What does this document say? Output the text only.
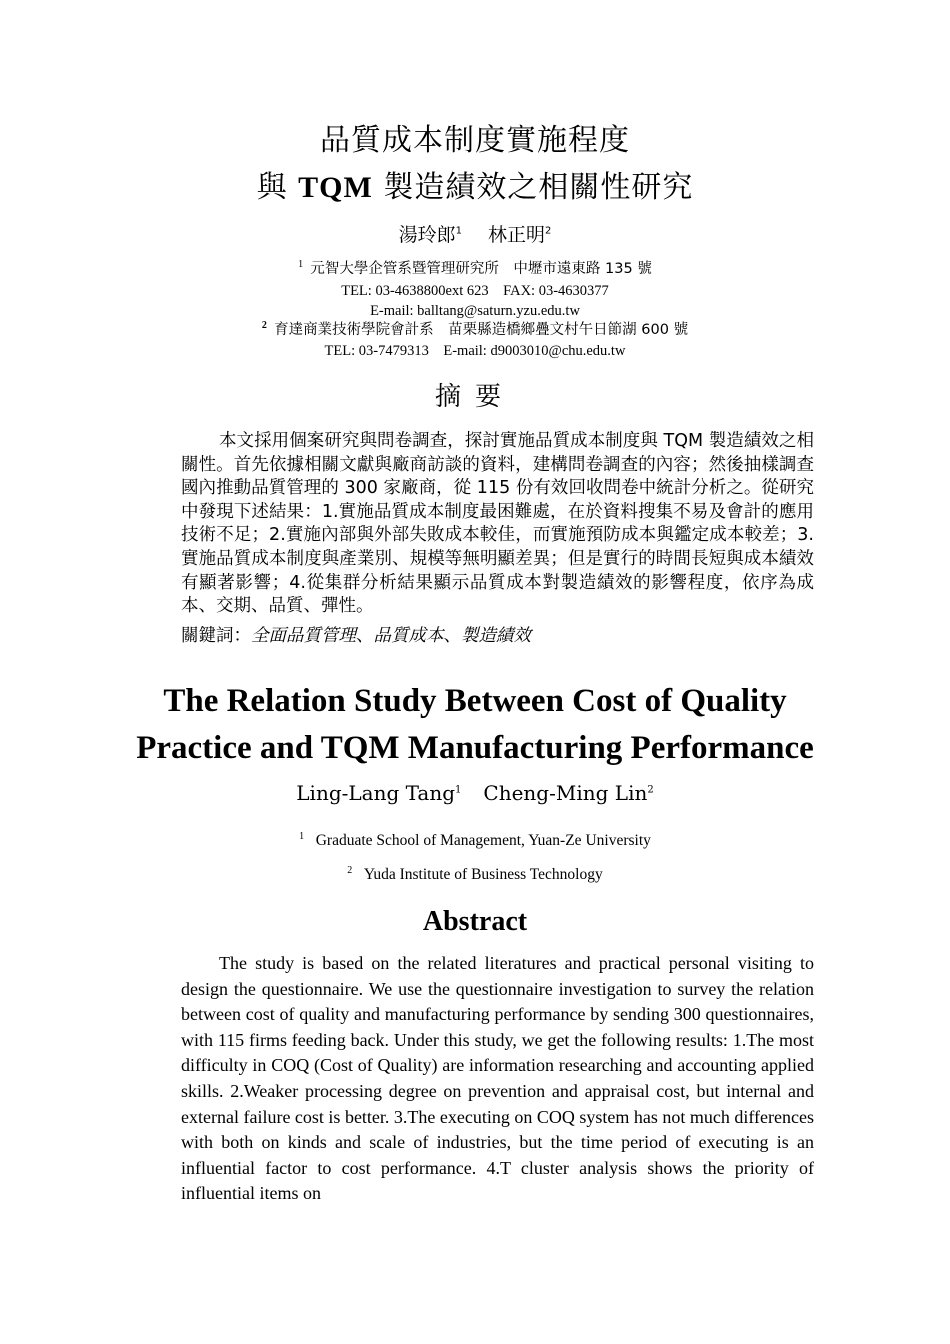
品質成本制度實施程度
與 TQM 製造績效之相關性研究
湯玲郎$^1$ 林正明$^2$
$^1$ 元智大學企管系暨管理研究所　中壢市遠東路 135 號
TEL: 03-4638800ext 623　FAX: 03-4630377
E-mail: balltang@saturn.yzu.edu.tw
$^2$ 育達商業技術學院會計系　苗栗縣造橋鄉疊文村午日節湖 600 號
TEL: 03-7479313　E-mail: d9003010@chu.edu.tw
摘要
本文採用個案研究與問卷調查，探討實施品質成本制度與 TQM 製造績效之相關性。首先依據相關文獻與廠商訪談的資料，建構問卷調查的內容；然後抽樣調查國內推動品質管理的 300 家廠商，從 115 份有效回收問卷中統計分析之。從研究中發現下述結果：1.實施品質成本制度最困難處，在於資料搜集不易及會計的應用技術不足；2.實施內部與外部失敗成本較佳，而實施預防成本與鑑定成本較差；3.實施品質成本制度與產業別、規模等無明顯差異；但是實行的時間長短與成本績效有顯著影響；4.從集群分析結果顯示品質成本對製造績效的影響程度，依序為成本、交期、品質、彈性。
關鍵詞：全面品質管理、品質成本、製造績效
The Relation Study Between Cost of Quality
Practice and TQM Manufacturing Performance
Ling-Lang Tang$^1$ Cheng-Ming Lin$^2$
$^1$ Graduate School of Management, Yuan-Ze University
$^2$ Yuda Institute of Business Technology
Abstract
The study is based on the related literatures and practical personal visiting to design the questionnaire. We use the questionnaire investigation to survey the relation between cost of quality and manufacturing performance by sending 300 questionnaires, with 115 firms feeding back. Under this study, we get the following results: 1.The most difficulty in COQ (Cost of Quality) are information researching and accounting applied skills. 2.Weaker processing degree on prevention and appraisal cost, but internal and external failure cost is better. 3.The executing on COQ system has not much differences with both on kinds and scale of industries, but the time period of executing is an influential factor to cost performance. 4.T cluster analysis shows the priority of influential items on
